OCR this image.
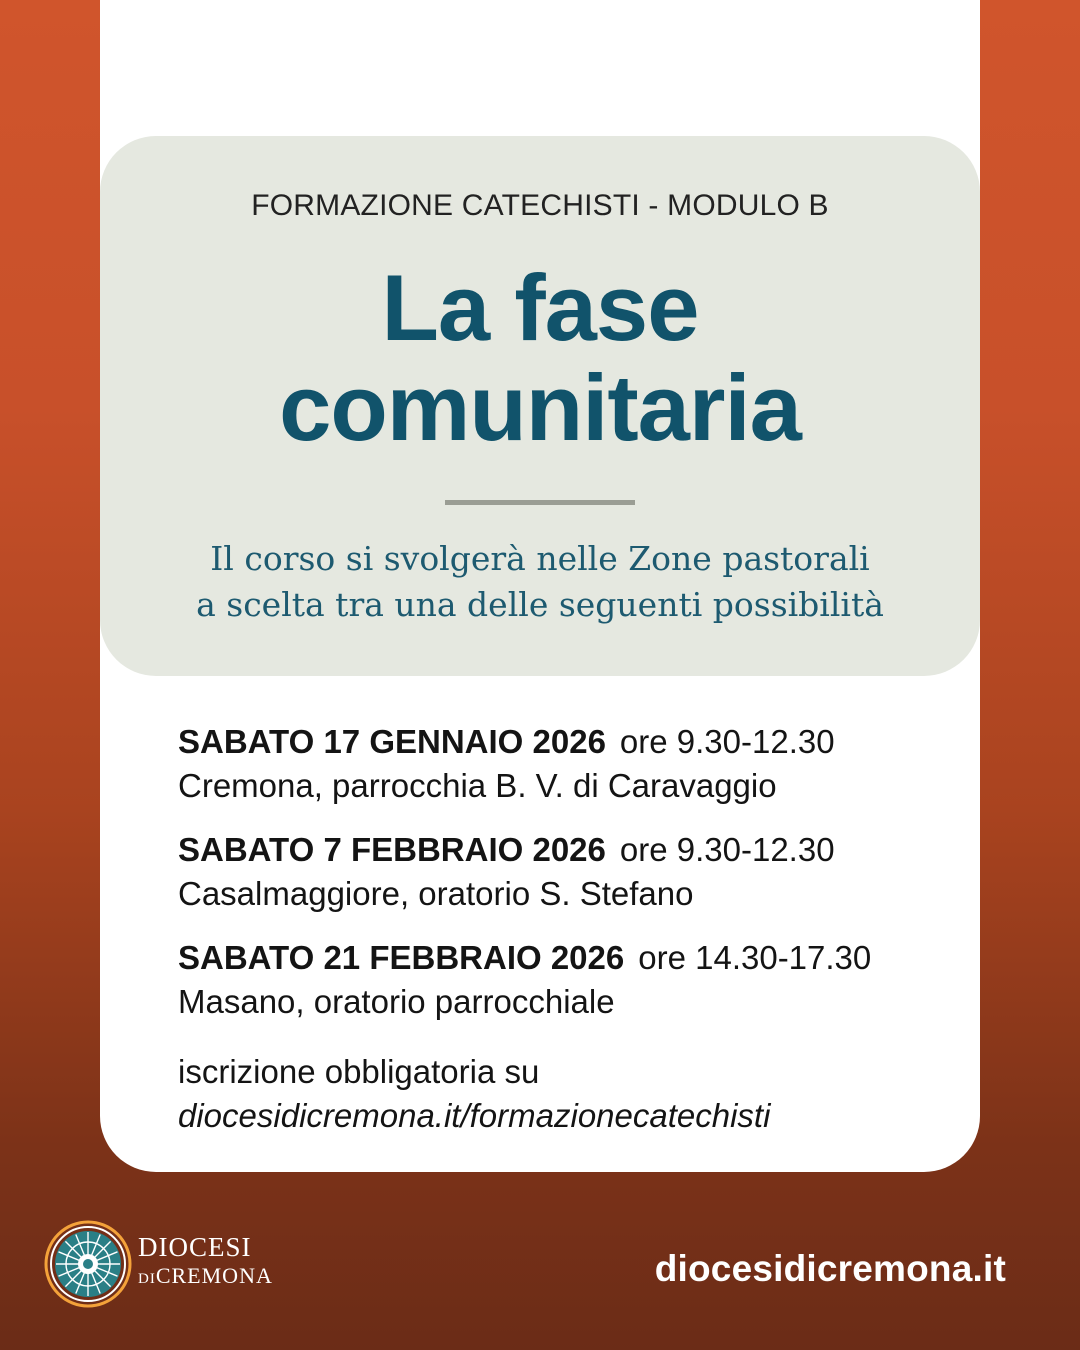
FORMAZIONE CATECHISTI - MODULO B
La fase
comunitaria
Il corso si svolgerà nelle Zone pastorali
a scelta tra una delle seguenti possibilità
SABATO 17 GENNAIO 2026 ore 9.30-12.30
Cremona, parrocchia B. V. di Caravaggio
SABATO 7 FEBBRAIO 2026 ore 9.30-12.30
Casalmaggiore, oratorio S. Stefano
SABATO 21 FEBBRAIO 2026 ore 14.30-17.30
Masano, oratorio parrocchiale
iscrizione obbligatoria su
diocesidicremona.it/formazionecatechisti
DIOCESI
DICREMONA	diocesidicremona.it
